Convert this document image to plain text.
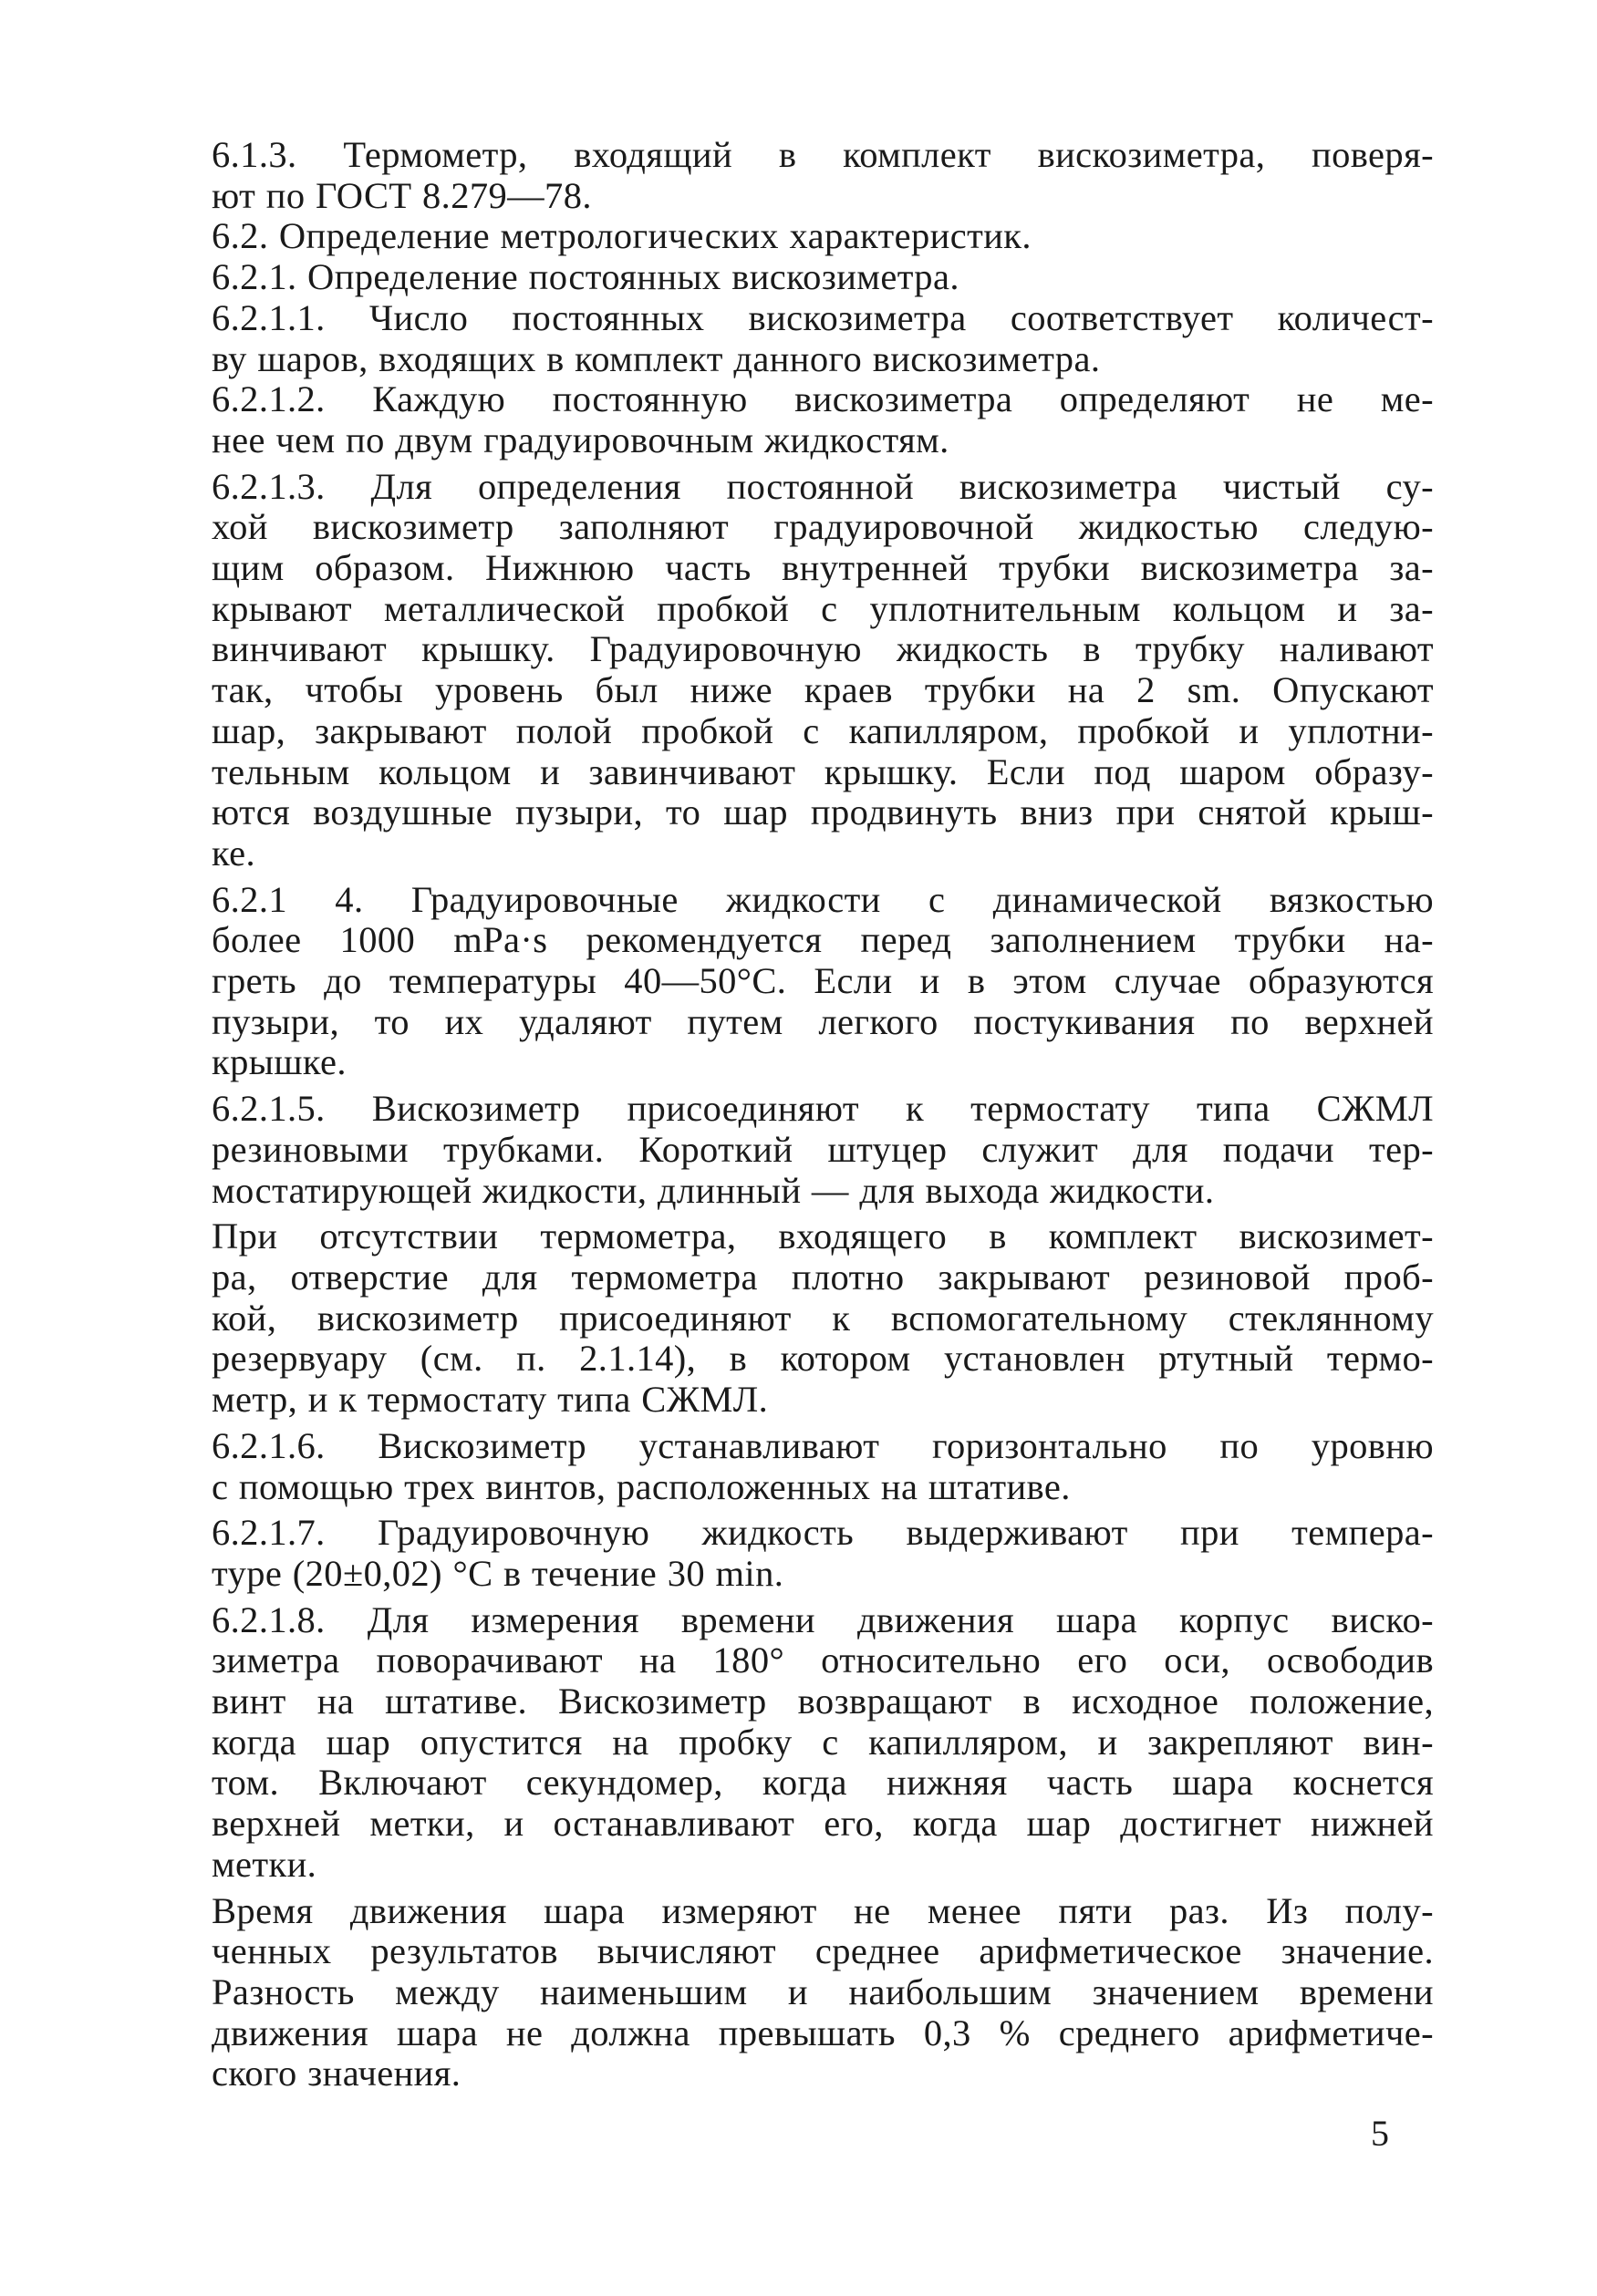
6.1.3. Термометр, входящий в комплект вискозиметра, поверя-
ют по ГОСТ 8.279—78.
6.2. Определение метрологических характеристик.
6.2.1. Определение постоянных вискозиметра.
6.2.1.1. Число постоянных вискозиметра соответствует количест-
ву шаров, входящих в комплект данного вискозиметра.
6.2.1.2. Каждую постоянную вискозиметра определяют не ме-
нее чем по двум градуировочным жидкостям.
6.2.1.3. Для определения постоянной вискозиметра чистый су-
хой вискозиметр заполняют градуировочной жидкостью следую-
щим образом. Нижнюю часть внутренней трубки вискозиметра за-
крывают металлической пробкой с уплотнительным кольцом и за-
винчивают крышку. Градуировочную жидкость в трубку наливают
так, чтобы уровень был ниже краев трубки на 2 sm. Опускают
шар, закрывают полой пробкой с капилляром, пробкой и уплотни-
тельным кольцом и завинчивают крышку. Если под шаром образу-
ются воздушные пузыри, то шар продвинуть вниз при снятой крыш-
ке.
6.2.1 4. Градуировочные жидкости с динамической вязкостью
более 1000 mPa·s рекомендуется перед заполнением трубки на-
греть до температуры 40—50°С. Если и в этом случае образуются
пузыри, то их удаляют путем легкого постукивания по верхней
крышке.
6.2.1.5. Вискозиметр присоединяют к термостату типа СЖМЛ
резиновыми трубками. Короткий штуцер служит для подачи тер-
мостатирующей жидкости, длинный — для выхода жидкости.
При отсутствии термометра, входящего в комплект вискозимет-
ра, отверстие для термометра плотно закрывают резиновой проб-
кой, вискозиметр присоединяют к вспомогательному стеклянному
резервуару (см. п. 2.1.14), в котором установлен ртутный термо-
метр, и к термостату типа СЖМЛ.
6.2.1.6. Вискозиметр устанавливают горизонтально по уровню
с помощью трех винтов, расположенных на штативе.
6.2.1.7. Градуировочную жидкость выдерживают при темпера-
туре (20±0,02) °С в течение 30 min.
6.2.1.8. Для измерения времени движения шара корпус виско-
зиметра поворачивают на 180° относительно его оси, освободив
винт на штативе. Вискозиметр возвращают в исходное положение,
когда шар опустится на пробку с капилляром, и закрепляют вин-
том. Включают секундомер, когда нижняя часть шара коснется
верхней метки, и останавливают его, когда шар достигнет нижней
метки.
Время движения шара измеряют не менее пяти раз. Из полу-
ченных результатов вычисляют среднее арифметическое значение.
Разность между наименьшим и наибольшим значением времени
движения шара не должна превышать 0,3 % среднего арифметиче-
ского значения.
5
